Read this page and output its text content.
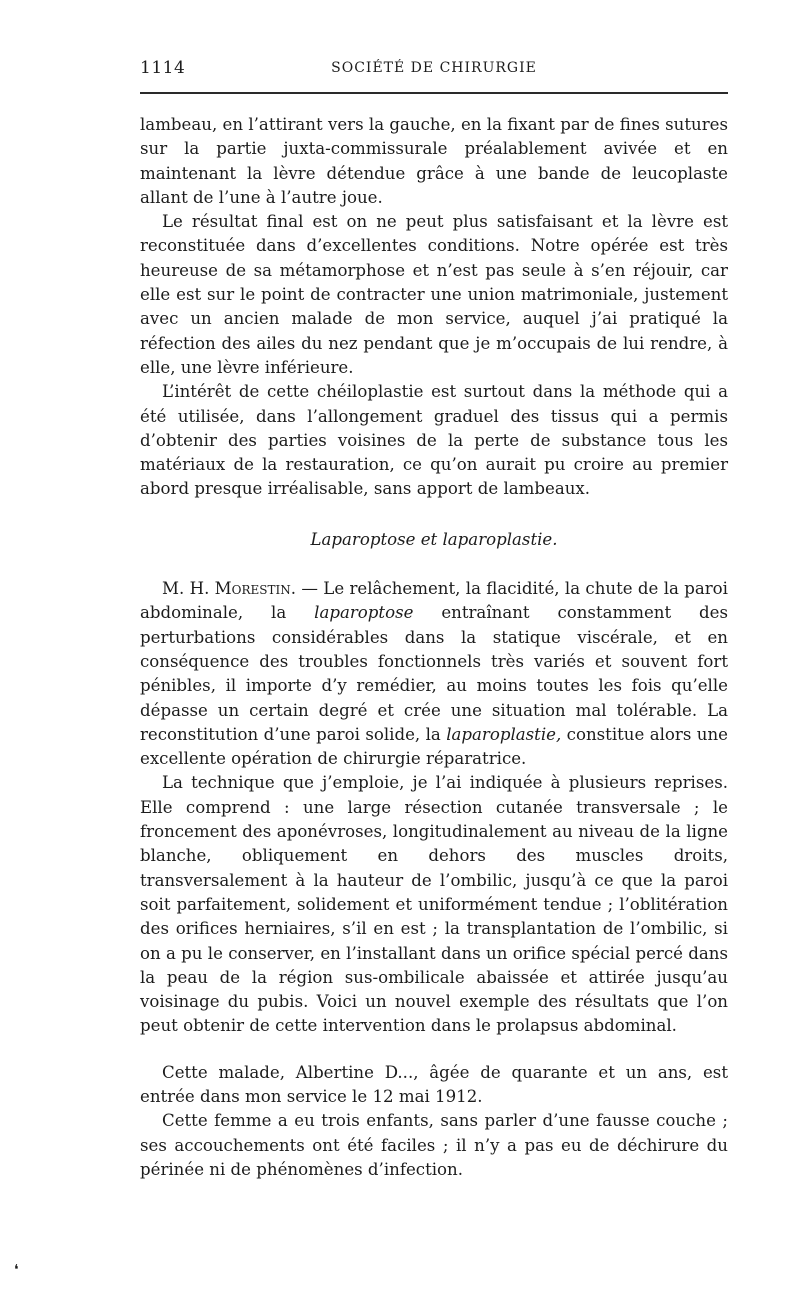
1114	SOCIÉTÉ DE CHIRURGIE

lambeau, en l’attirant vers la gauche, en la fixant par de fines sutures sur la partie juxta-commissurale préalablement avivée et en maintenant la lèvre détendue grâce à une bande de leucoplaste allant de l’une à l’autre joue.

Le résultat final est on ne peut plus satisfaisant et la lèvre est reconstituée dans d’excellentes conditions. Notre opérée est très heureuse de sa métamorphose et n’est pas seule à s’en réjouir, car elle est sur le point de contracter une union matrimoniale, justement avec un ancien malade de mon service, auquel j’ai pratiqué la réfection des ailes du nez pendant que je m’occupais de lui rendre, à elle, une lèvre inférieure.

L’intérêt de cette chéiloplastie est surtout dans la méthode qui a été utilisée, dans l’allongement graduel des tissus qui a permis d’obtenir des parties voisines de la perte de substance tous les matériaux de la restauration, ce qu’on aurait pu croire au premier abord presque irréalisable, sans apport de lambeaux.

Laparoptose et laparoplastie.

M. H. Morestin. — Le relâchement, la flacidité, la chute de la paroi abdominale, la laparoptose entraînant constamment des perturbations considérables dans la statique viscérale, et en conséquence des troubles fonctionnels très variés et souvent fort pénibles, il importe d’y remédier, au moins toutes les fois qu’elle dépasse un certain degré et crée une situation mal tolérable. La reconstitution d’une paroi solide, la laparoplastie, constitue alors une excellente opération de chirurgie réparatrice.

La technique que j’emploie, je l’ai indiquée à plusieurs reprises. Elle comprend : une large résection cutanée transversale ; le froncement des aponévroses, longitudinalement au niveau de la ligne blanche, obliquement en dehors des muscles droits, transversalement à la hauteur de l’ombilic, jusqu’à ce que la paroi soit parfaitement, solidement et uniformément tendue ; l’oblitération des orifices herniaires, s’il en est ; la transplantation de l’ombilic, si on a pu le conserver, en l’installant dans un orifice spécial percé dans la peau de la région sus-ombilicale abaissée et attirée jusqu’au voisinage du pubis. Voici un nouvel exemple des résultats que l’on peut obtenir de cette intervention dans le prolapsus abdominal.

Cette malade, Albertine D..., âgée de quarante et un ans, est entrée dans mon service le 12 mai 1912.

Cette femme a eu trois enfants, sans parler d’une fausse couche ; ses accouchements ont été faciles ; il n’y a pas eu de déchirure du périnée ni de phénomènes d’infection.

❛
